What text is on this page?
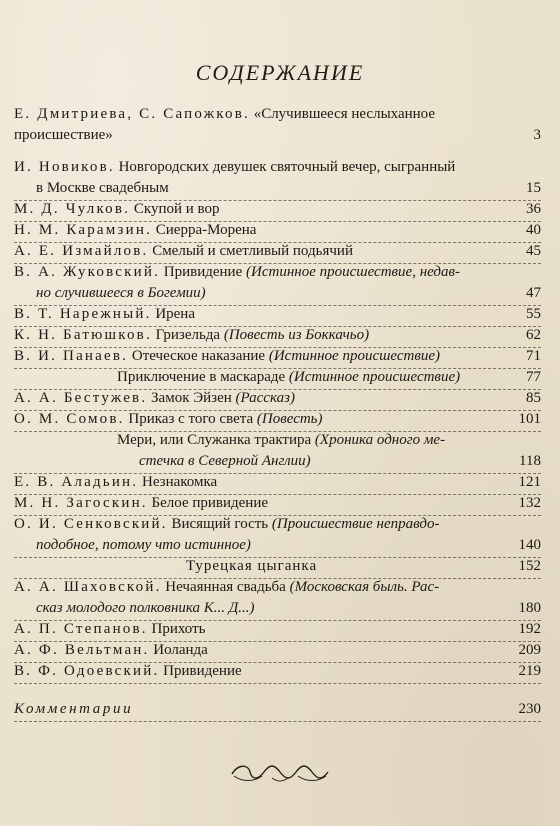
СОДЕРЖАНИЕ
Е. Дмитриева, С. Сапожков. «Случившееся неслыханное
происшествие»	3
И. Новиков. Новгородских девушек святочный вечер, сыгранный
в Москве свадебным	15
М. Д. Чулков. Скупой и вор	36
Н. М. Карамзин. Сиерра-Морена	40
А. Е. Измайлов. Смелый и сметливый подьячий	45
В. А. Жуковский. Привидение (Истинное происшествие, недав-
но случившееся в Богемии)	47
В. Т. Нарежный. Ирена	55
К. Н. Батюшков. Гризельда (Повесть из Боккачьо)	62
В. И. Панаев. Отеческое наказание (Истинное происшествие)	71
Приключение в маскараде (Истинное происшествие)	77
А. А. Бестужев. Замок Эйзен (Рассказ)	85
О. М. Сомов. Приказ с того света (Повесть)	101
Мери, или Служанка трактира (Хроника одного ме-
стечка в Северной Англии)	118
Е. В. Аладьин. Незнакомка	121
М. Н. Загоскин. Белое привидение	132
О. И. Сенковский. Висящий гость (Происшествие неправдо-
подобное, потому что истинное)	140
Турецкая цыганка	152
А. А. Шаховской. Нечаянная свадьба (Московская быль. Рас-
сказ молодого полковника К... Д...)	180
А. П. Степанов. Прихоть	192
А. Ф. Вельтман. Иоланда	209
В. Ф. Одоевский. Привидение	219
Комментарии	230
